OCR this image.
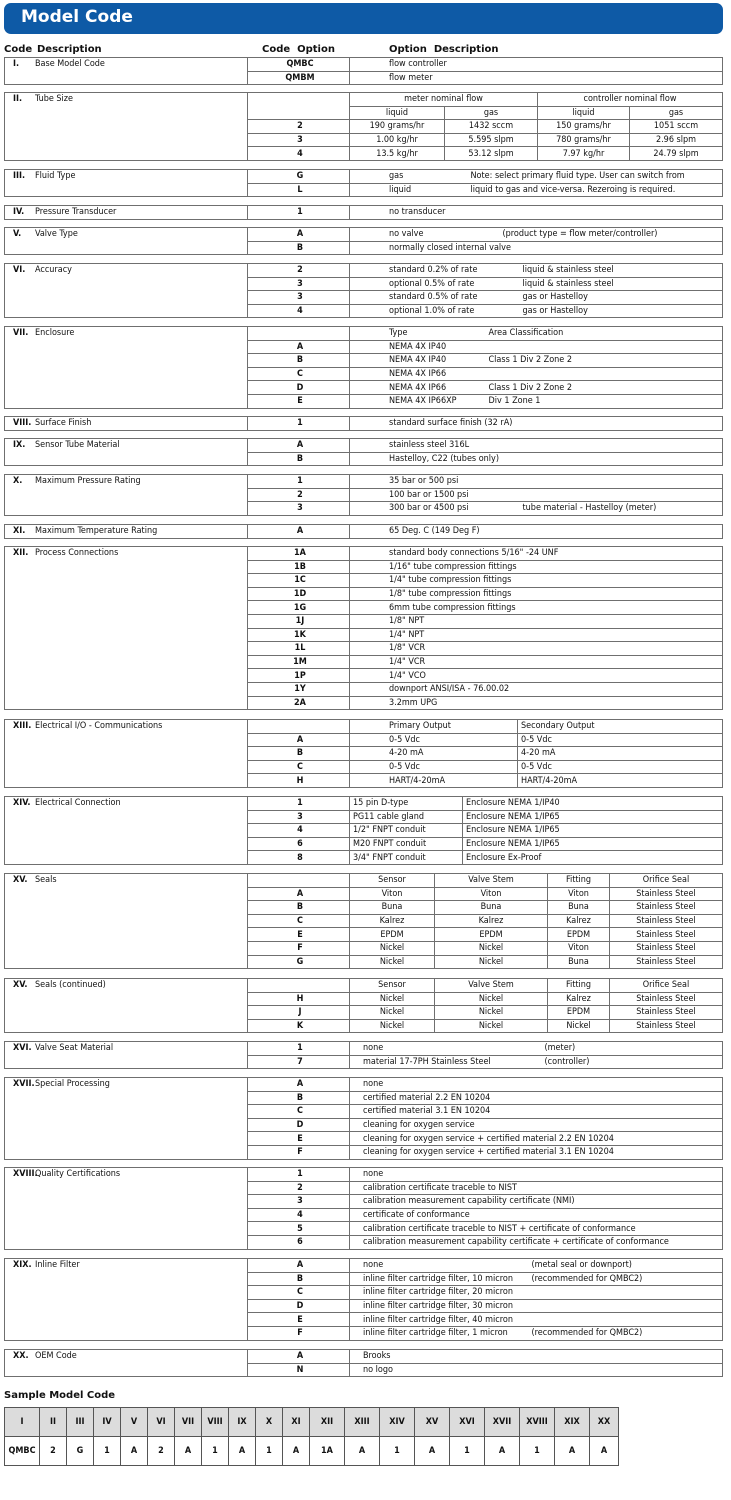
Model Code
Code Description	Code  Option	Option  Description
I. Base Model Code	QMBC	flow controller
	QMBM	flow meter
II. Tube Size		meter nominal flow		controller nominal flow	
		liquid	gas	liquid	gas
	2	190 grams/hr	1432 sccm	150 grams/hr	1051 sccm
	3	1.00 kg/hr	5.595 slpm	780 grams/hr	2.96 slpm
	4	13.5 kg/hr	53.12 slpm	7.97 kg/hr	24.79 slpm
III. Fluid Type	G	gas	Note: select primary fluid type. User can switch from
	L	liquid	liquid to gas and vice-versa. Rezeroing is required.
IV. Pressure Transducer	1	no transducer
V. Valve Type	A	no valve	(product type = flow meter/controller)
	B	normally closed internal valve	
VI. Accuracy	2	standard 0.2% of rate	liquid & stainless steel
	3	optional 0.5% of rate	liquid & stainless steel
	3	standard 0.5% of rate	gas or Hastelloy
	4	optional 1.0% of rate	gas or Hastelloy
VII. Enclosure		Type	Area Classification
	A	NEMA 4X IP40	
	B	NEMA 4X IP40	Class 1 Div 2 Zone 2
	C	NEMA 4X IP66	
	D	NEMA 4X IP66	Class 1 Div 2 Zone 2
	E	NEMA 4X IP66XP	Div 1 Zone 1
VIII. Surface Finish	1	standard surface finish (32 rA)
IX. Sensor Tube Material	A	stainless steel 316L
	B	Hastelloy, C22 (tubes only)
X. Maximum Pressure Rating	1	35 bar or 500 psi	
	2	100 bar or 1500 psi	
	3	300 bar or 4500 psi	tube material - Hastelloy (meter)
XI. Maximum Temperature Rating	A	65 Deg. C (149 Deg F)
XII. Process Connections	1A	standard body connections 5/16" -24 UNF
	1B	1/16" tube compression fittings
	1C	1/4" tube compression fittings
	1D	1/8" tube compression fittings
	1G	6mm tube compression fittings
	1J	1/8" NPT
	1K	1/4" NPT
	1L	1/8" VCR
	1M	1/4" VCR
	1P	1/4" VCO
	1Y	downport ANSI/ISA - 76.00.02
	2A	3.2mm UPG
XIII. Electrical I/O - Communications		Primary Output	Secondary Output
	A	0-5 Vdc	0-5 Vdc
	B	4-20 mA	4-20 mA
	C	0-5 Vdc	0-5 Vdc
	H	HART/4-20mA	HART/4-20mA
XIV. Electrical Connection	1	15 pin D-type	Enclosure NEMA 1/IP40
	3	PG11 cable gland	Enclosure NEMA 1/IP65
	4	1/2" FNPT conduit	Enclosure NEMA 1/IP65
	6	M20 FNPT conduit	Enclosure NEMA 1/IP65
	8	3/4" FNPT conduit	Enclosure Ex-Proof
XV. Seals		Sensor	Valve Stem	Fitting	Orifice Seal
	A	Viton	Viton	Viton	Stainless Steel
	B	Buna	Buna	Buna	Stainless Steel
	C	Kalrez	Kalrez	Kalrez	Stainless Steel
	E	EPDM	EPDM	EPDM	Stainless Steel
	F	Nickel	Nickel	Viton	Stainless Steel
	G	Nickel	Nickel	Buna	Stainless Steel
XV. Seals (continued)		Sensor	Valve Stem	Fitting	Orifice Seal
	H	Nickel	Nickel	Kalrez	Stainless Steel
	J	Nickel	Nickel	EPDM	Stainless Steel
	K	Nickel	Nickel	Nickel	Stainless Steel
XVI. Valve Seat Material	1	none	(meter)
	7	material 17-7PH Stainless Steel	(controller)
XVII.Special Processing	A	none
	B	certified material 2.2 EN 10204
	C	certified material 3.1 EN 10204
	D	cleaning for oxygen service
	E	cleaning for oxygen service + certified material 2.2 EN 10204
	F	cleaning for oxygen service + certified material 3.1 EN 10204
XVIII.Quality Certifications	1	none
	2	calibration certificate traceble to NIST
	3	calibration measurement capability certificate (NMI)
	4	certificate of conformance
	5	calibration certificate traceble to NIST + certificate of conformance
	6	calibration measurement capability certificate + certificate of conformance
XIX. Inline Filter	A	none	(metal seal or downport)
	B	inline filter cartridge filter, 10 micron	(recommended for QMBC2)
	C	inline filter cartridge filter, 20 micron	
	D	inline filter cartridge filter, 30 micron	
	E	inline filter cartridge filter, 40 micron	
	F	inline filter cartridge filter, 1 micron	(recommended for QMBC2)
XX. OEM Code	A	Brooks
	N	no logo
Sample Model Code
I	II	III	IV	V	VI	VII	VIII	IX	X	XI	XII	XIII	XIV	XV	XVI	XVII	XVIII	XIX	XX
QMBC	2	G	1	A	2	A	1	A	1	A	1A	A	1	A	1	A	1	A	A
